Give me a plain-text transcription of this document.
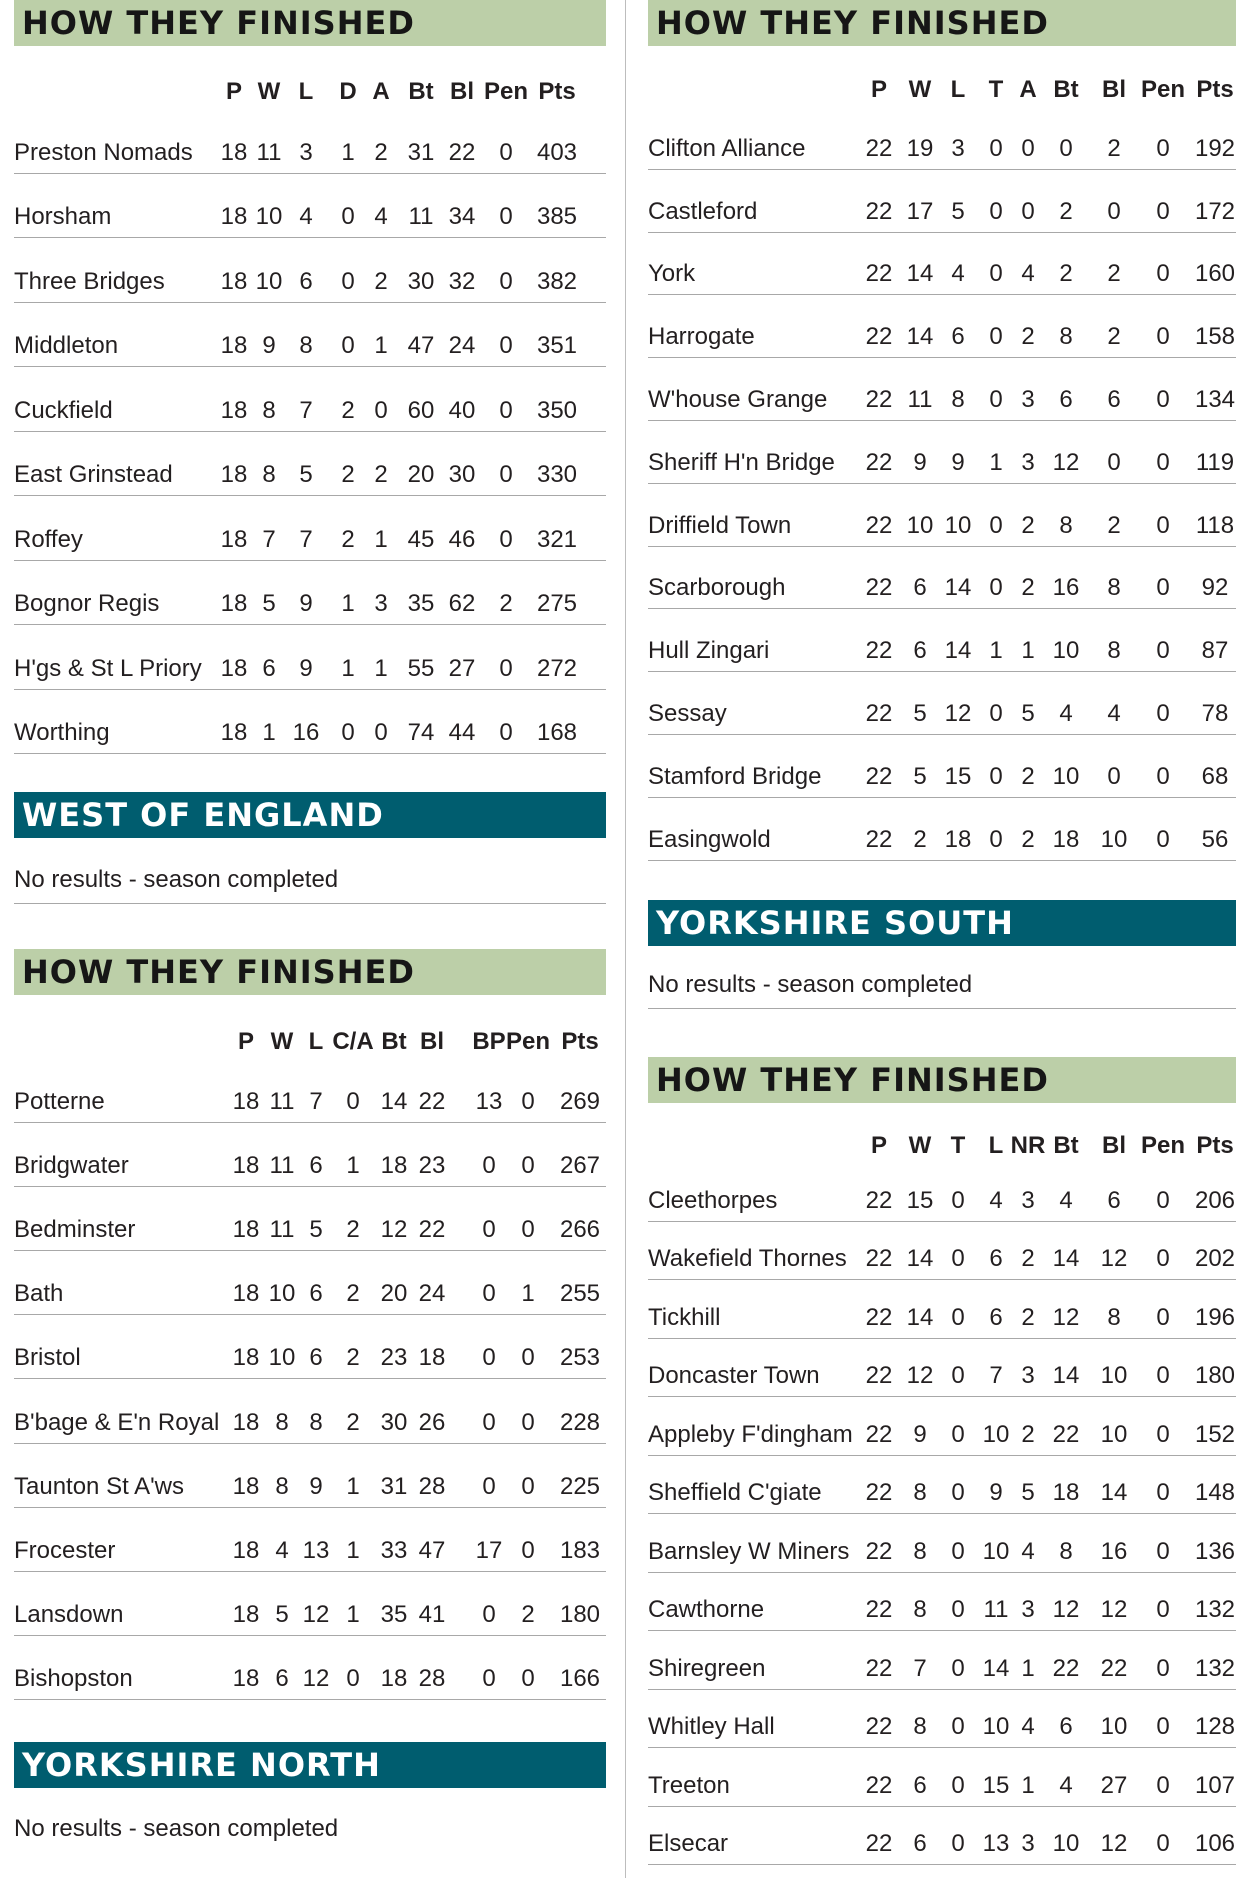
HOW THEY FINISHED
P W L D A Bt Bl Pen Pts
Preston Nomads 18 11 3 1 2 31 22 0 403
Horsham	18 10 4 0 4 11 34 0 385
Three Bridges 18 10 6 0 2 30 32 0 382
Middleton	18 9 8 0 1 47 24 0 351
Cuckfield	18 8 7 2 0 60 40 0 350
East Grinstead 18 8 5 2 2 20 30 0 330
Roffey	18 7 7 2 1 45 46 0 321
Bognor Regis	18 5 9 1 3 35 62 2 275
H'gs & St L Priory 18 6 9 1 1 55 27 0 272
Worthing	18 1 16 0 0 74 44 0 168
WEST OF ENGLAND
No results - season completed
HOW THEY FINISHED
P W L C/A Bt Bl BP Pen Pts
Potterne	18 11 7 0 14 22 13 0 269
Bridgwater	18 11 6 1 18 23 0 0 267
Bedminster	18 11 5 2 12 22 0 0 266
Bath	18 10 6 2 20 24 0 1 255
Bristol	18 10 6 2 23 18 0 0 253
B'bage & E'n Royal 18 8 8 2 30 26 0 0 228
Taunton St A'ws 18 8 9 1 31 28 0 0 225
Frocester	18 4 13 1 33 47 17 0 183
Lansdown	18 5 12 1 35 41 0 2 180
Bishopston	18 6 12 0 18 28 0 0 166
YORKSHIRE NORTH
No results - season completed
HOW THEY FINISHED
P W L T A Bt Bl Pen Pts
Clifton Alliance	22 19 3 0 0 0 2 0 192
Castleford	22 17 5 0 0 2 0 0 172
York	22 14 4 0 4 2 2 0 160
Harrogate	22 14 6 0 2 8 2 0 158
W'house Grange 22 11 8 0 3 6 6 0 134
Sheriff H'n Bridge 22 9 9 1 3 12 0 0 119
Driffield Town	22 10 10 0 2 8 2 0 118
Scarborough	22 6 14 0 2 16 8 0 92
Hull Zingari	22 6 14 1 1 10 8 0 87
Sessay	22 5 12 0 5 4 4 0 78
Stamford Bridge 22 5 15 0 2 10 0 0 68
Easingwold	22 2 18 0 2 18 10 0 56
YORKSHIRE SOUTH
No results - season completed
HOW THEY FINISHED
P W T L NR Bt Bl Pen Pts
Cleethorpes	22 15 0 4 3 4 6 0 206
Wakefield Thornes 22 14 0 6 2 14 12 0 202
Tickhill	22 14 0 6 2 12 8 0 196
Doncaster Town 22 12 0 7 3 14 10 0 180
Appleby F'dingham 22 9 0 10 2 22 10 0 152
Sheffield C'giate 22 8 0 9 5 18 14 0 148
Barnsley W Miners 22 8 0 10 4 8 16 0 136
Cawthorne	22 8 0 11 3 12 12 0 132
Shiregreen	22 7 0 14 1 22 22 0 132
Whitley Hall	22 8 0 10 4 6 10 0 128
Treeton	22 6 0 15 1 4 27 0 107
Elsecar	22 6 0 13 3 10 12 0 106
